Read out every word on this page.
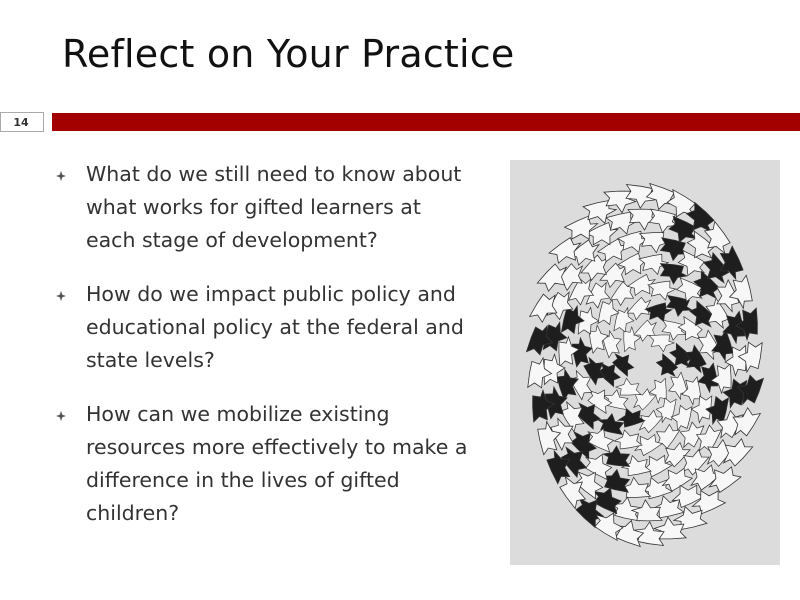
Reflect on Your Practice
14
What do we still need to know about what works for gifted learners at each stage of development?
How do we impact public policy and educational policy at the federal and state levels?
How can we mobilize existing resources more effectively to make a difference in the lives of gifted children?
